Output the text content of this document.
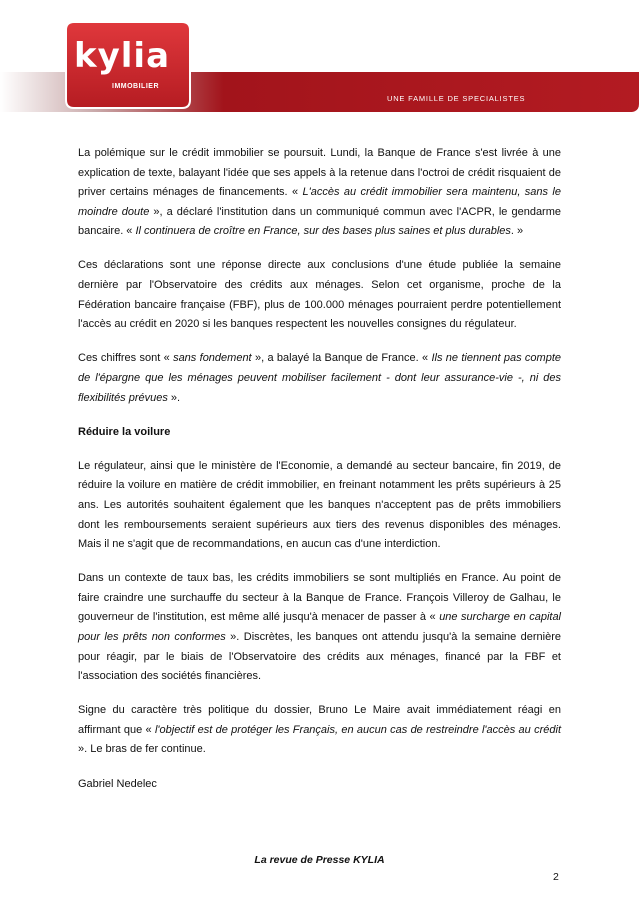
kylia
IMMOBILIER
UNE FAMILLE DE SPECIALISTES

La polémique sur le crédit immobilier se poursuit. Lundi, la Banque de France s'est livrée à une explication de texte, balayant l'idée que ses appels à la retenue dans l'octroi de crédit risquaient de priver certains ménages de financements. « L'accès au crédit immobilier sera maintenu, sans le moindre doute », a déclaré l'institution dans un communiqué commun avec l'ACPR, le gendarme bancaire. « Il continuera de croître en France, sur des bases plus saines et plus durables. »

Ces déclarations sont une réponse directe aux conclusions d'une étude publiée la semaine dernière par l'Observatoire des crédits aux ménages. Selon cet organisme, proche de la Fédération bancaire française (FBF), plus de 100.000 ménages pourraient perdre potentiellement l'accès au crédit en 2020 si les banques respectent les nouvelles consignes du régulateur.

Ces chiffres sont « sans fondement », a balayé la Banque de France. « Ils ne tiennent pas compte de l'épargne que les ménages peuvent mobiliser facilement - dont leur assurance-vie -, ni des flexibilités prévues ».

Réduire la voilure

Le régulateur, ainsi que le ministère de l'Economie, a demandé au secteur bancaire, fin 2019, de réduire la voilure en matière de crédit immobilier, en freinant notamment les prêts supérieurs à 25 ans. Les autorités souhaitent également que les banques n'acceptent pas de prêts immobiliers dont les remboursements seraient supérieurs aux tiers des revenus disponibles des ménages. Mais il ne s'agit que de recommandations, en aucun cas d'une interdiction.

Dans un contexte de taux bas, les crédits immobiliers se sont multipliés en France. Au point de faire craindre une surchauffe du secteur à la Banque de France. François Villeroy de Galhau, le gouverneur de l'institution, est même allé jusqu'à menacer de passer à « une surcharge en capital pour les prêts non conformes ». Discrètes, les banques ont attendu jusqu'à la semaine dernière pour réagir, par le biais de l'Observatoire des crédits aux ménages, financé par la FBF et l'association des sociétés financières.

Signe du caractère très politique du dossier, Bruno Le Maire avait immédiatement réagi en affirmant que « l'objectif est de protéger les Français, en aucun cas de restreindre l'accès au crédit ». Le bras de fer continue.

Gabriel Nedelec

La revue de Presse KYLIA
2
